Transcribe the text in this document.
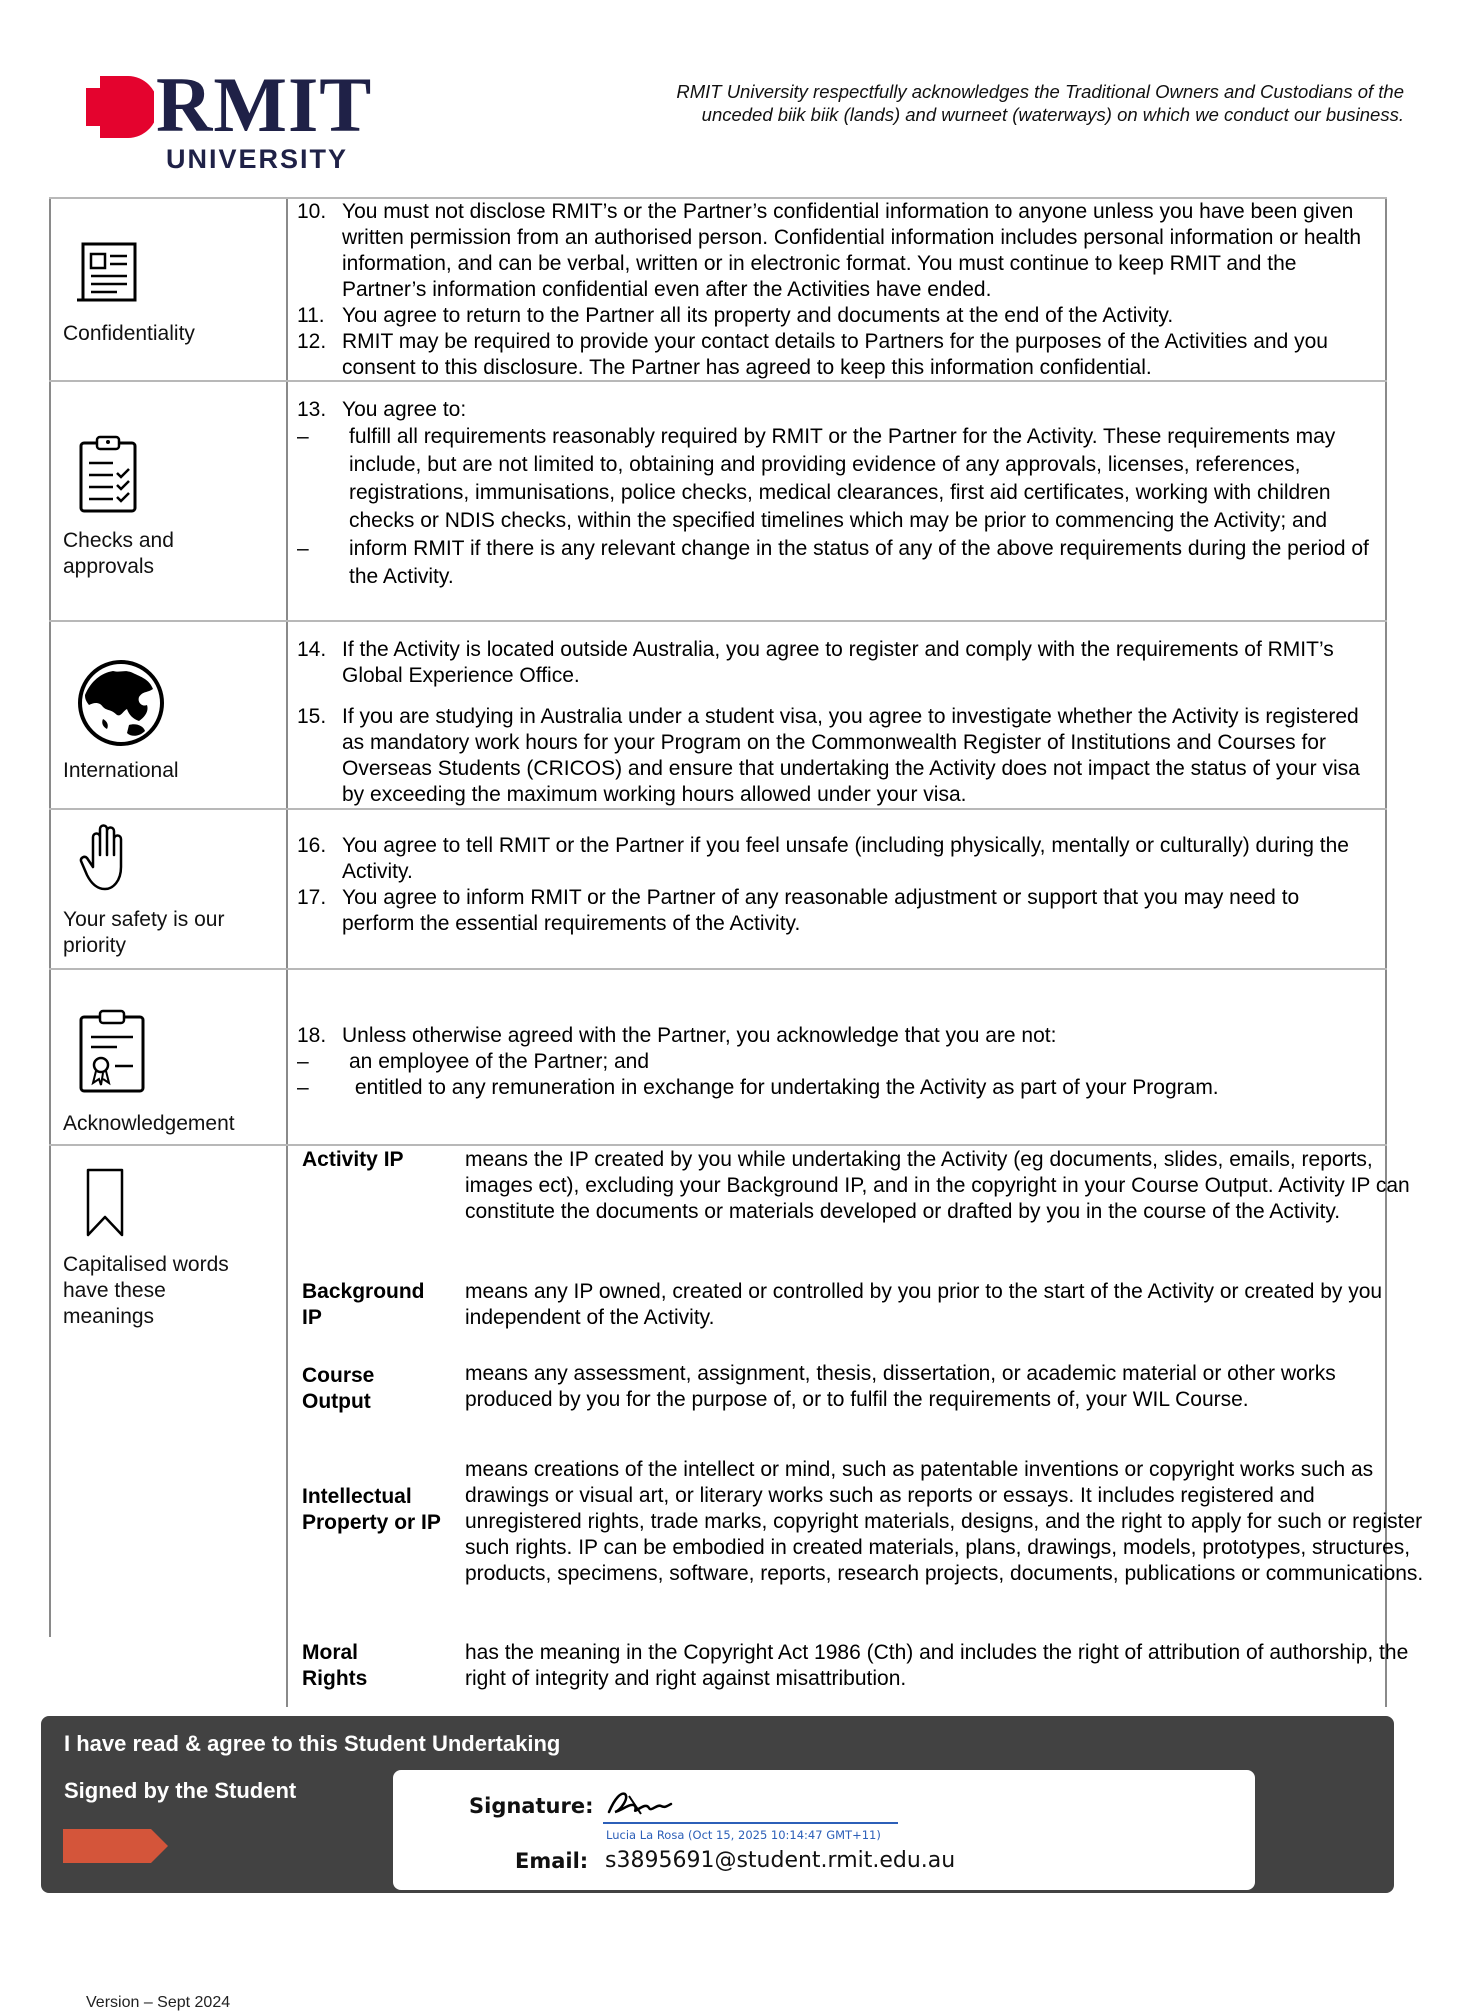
RMIT
UNIVERSITY
RMIT University respectfully acknowledges the Traditional Owners and Custodians of the
unceded biik biik (lands) and wurneet (waterways) on which we conduct our business.
Confidentiality
10. You must not disclose RMIT’s or the Partner’s confidential information to anyone unless you have been given written permission from an authorised person. Confidential information includes personal information or health information, and can be verbal, written or in electronic format. You must continue to keep RMIT and the Partner’s information confidential even after the Activities have ended.
11. You agree to return to the Partner all its property and documents at the end of the Activity.
12. RMIT may be required to provide your contact details to Partners for the purposes of the Activities and you consent to this disclosure. The Partner has agreed to keep this information confidential.
Checks and
approvals
13. You agree to:
– fulfill all requirements reasonably required by RMIT or the Partner for the Activity. These requirements may include, but are not limited to, obtaining and providing evidence of any approvals, licenses, references, registrations, immunisations, police checks, medical clearances, first aid certificates, working with children checks or NDIS checks, within the specified timelines which may be prior to commencing the Activity; and
– inform RMIT if there is any relevant change in the status of any of the above requirements during the period of the Activity.
International
14. If the Activity is located outside Australia, you agree to register and comply with the requirements of RMIT’s Global Experience Office.
15. If you are studying in Australia under a student visa, you agree to investigate whether the Activity is registered as mandatory work hours for your Program on the Commonwealth Register of Institutions and Courses for Overseas Students (CRICOS) and ensure that undertaking the Activity does not impact the status of your visa by exceeding the maximum working hours allowed under your visa.
Your safety is our
priority
16. You agree to tell RMIT or the Partner if you feel unsafe (including physically, mentally or culturally) during the Activity.
17. You agree to inform RMIT or the Partner of any reasonable adjustment or support that you may need to perform the essential requirements of the Activity.
Acknowledgement
18. Unless otherwise agreed with the Partner, you acknowledge that you are not:
– an employee of the Partner; and
– entitled to any remuneration in exchange for undertaking the Activity as part of your Program.
Capitalised words
have these
meanings
Activity IP	means the IP created by you while undertaking the Activity (eg documents, slides, emails, reports, images ect), excluding your Background IP, and in the copyright in your Course Output. Activity IP can constitute the documents or materials developed or drafted by you in the course of the Activity.
Background IP
means any IP owned, created or controlled by you prior to the start of the Activity or created by you independent of the Activity.
Course Output
means any assessment, assignment, thesis, dissertation, or academic material or other works produced by you for the purpose of, or to fulfil the requirements of, your WIL Course.
Intellectual Property or IP
means creations of the intellect or mind, such as patentable inventions or copyright works such as drawings or visual art, or literary works such as reports or essays. It includes registered and unregistered rights, trade marks, copyright materials, designs, and the right to apply for such or register such rights. IP can be embodied in created materials, plans, drawings, models, prototypes, structures, products, specimens, software, reports, research projects, documents, publications or communications.
Moral Rights
has the meaning in the Copyright Act 1986 (Cth) and includes the right of attribution of authorship, the right of integrity and right against misattribution.
I have read & agree to this Student Undertaking
Signed by the Student
Signature:
Lucia La Rosa (Oct 15, 2025 10:14:47 GMT+11)
Email: s3895691@student.rmit.edu.au
Version – Sept 2024
